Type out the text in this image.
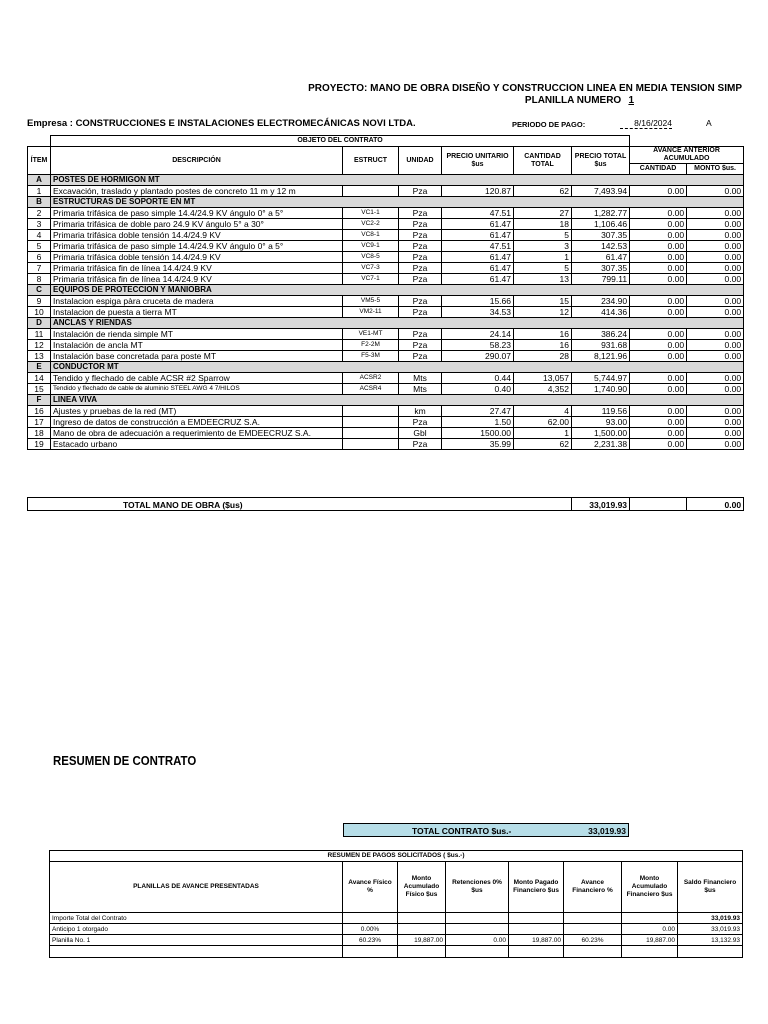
PROYECTO: MANO DE OBRA DISEÑO Y CONSTRUCCION LINEA EN MEDIA TENSION SIMP
PLANILLA NUMERO 1
Empresa : CONSTRUCCIONES E INSTALACIONES ELECTROMECÁNICAS NOVI LTDA.	PERIODO DE PAGO:	8/16/2024	A
	OBJETO DEL CONTRATO							
ÍTEM	DESCRIPCIÓN	ESTRUCT	UNIDAD	PRECIO UNITARIO $us	CANTIDAD TOTAL	PRECIO TOTAL $us	AVANCE ANTERIOR ACUMULADO	
							CANTIDAD	MONTO $us.
A	POSTES DE HORMIGON MT							
1	Excavación, traslado y plantado postes de concreto 11 m y 12 m		Pza	120.87	62	7,493.94	0.00	0.00
B	ESTRUCTURAS DE SOPORTE EN MT							
2	Primaria trifásica de paso simple 14.4/24.9 KV ángulo 0° a 5°	VC1-1	Pza	47.51	27	1,282.77	0.00	0.00
3	Primaria trifásica de doble paro 24.9 KV ángulo 5° a 30°	VC2-2	Pza	61.47	18	1,106.46	0.00	0.00
4	Primaria trifásica doble tensión 14.4/24.9 KV	VC8-1	Pza	61.47	5	307.35	0.00	0.00
5	Primaria trifásica de paso simple 14.4/24.9 KV ángulo 0° a 5°	VC9-1	Pza	47.51	3	142.53	0.00	0.00
6	Primaria trifásica doble tensión 14.4/24.9 KV	VC8-5	Pza	61.47	1	61.47	0.00	0.00
7	Primaria trifásica fin de línea 14.4/24.9 KV	VC7-3	Pza	61.47	5	307.35	0.00	0.00
8	Primaria trifásica fin de línea 14.4/24.9 KV	VC7-1	Pza	61.47	13	799.11	0.00	0.00
C	EQUIPOS DE PROTECCION Y MANIOBRA							
9	Instalacion espiga pàra cruceta de madera	VM5-5	Pza	15.66	15	234.90	0.00	0.00
10	Instalacion de puesta a tierra MT	VM2-11	Pza	34.53	12	414.36	0.00	0.00
D	ANCLAS Y RIENDAS							
11	Instalación de rienda simple MT	VE1-MT	Pza	24.14	16	386.24	0.00	0.00
12	Instalación de ancla MT	F2-2M	Pza	58.23	16	931.68	0.00	0.00
13	Instalación base concretada para poste MT	F5-3M	Pza	290.07	28	8,121.96	0.00	0.00
E	CONDUCTOR MT							
14	Tendido y flechado de cable ACSR #2 Sparrow	ACSR2	Mts	0.44	13,057	5,744.97	0.00	0.00
15	Tendido y flechado de cable de aluminio STEEL AWG 4 7/HILOS	ACSR4	Mts	0.40	4,352	1,740.90	0.00	0.00
F	LINEA VIVA							
16	Ajustes y pruebas de la red (MT)		km	27.47	4	119.56	0.00	0.00
17	Ingreso de datos de construcción a EMDEECRUZ S.A.		Pza	1.50	62.00	93.00	0.00	0.00
18	Mano de obra de adecuación a requerimiento de EMDEECRUZ S.A.		Gbl	1500.00	1	1,500.00	0.00	0.00
19	Estacado urbano		Pza	35.99	62	2,231.38	0.00	0.00
TOTAL MANO DE OBRA ($us)	33,019.93		0.00
RESUMEN DE CONTRATO
TOTAL CONTRATO $us.-	33,019.93
RESUMEN DE PAGOS SOLICITADOS ( $us.-)							
PLANILLAS DE AVANCE PRESENTADAS	Avance Físico %	Monto Acumulado Físico $us	Retenciones 0% $us	Monto Pagado Financiero $us	Avance Financiero %	Monto Acumulado Financiero $us	Saldo Financiero $us
Importe Total del Contrato							33,019.93
Anticipo 1 otorgado	0.00%					0.00	33,019.93
Planilla No. 1	60.23%	19,887.00	0.00	19,887.00	60.23%	19,887.00	13,132.93
